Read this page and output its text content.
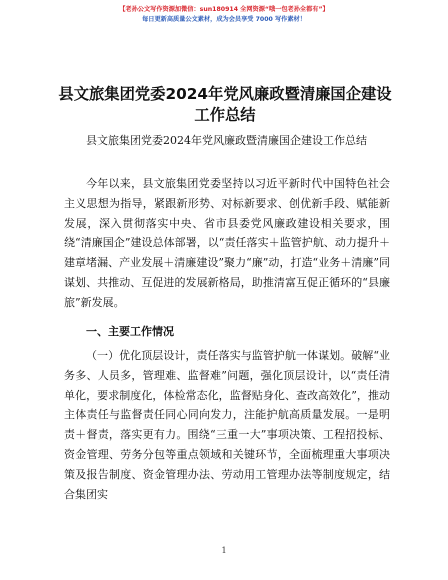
【老孙公文写作资源加微信：sun180914 全网资源“哦一包老孙全都有”】
每日更新高质量公文素材，成为会员享受 7000 写作素材！
县文旅集团党委2024年党风廉政暨清廉国企建设工作总结

县文旅集团党委2024年党风廉政暨清廉国企建设工作总结

今年以来，县文旅集团党委坚持以习近平新时代中国特色社会主义思想为指导，紧跟新形势、对标新要求、创优新手段、赋能新发展，深入贯彻落实中央、省市县委党风廉政建设相关要求，围绕“清廉国企”建设总体部署，以“责任落实＋监管护航、动力提升＋建章堵漏、产业发展＋清廉建设”聚力“廉”动，打造“业务＋清廉”同谋划、共推动、互促进的发展新格局，助推清富互促正循环的“县廉旅”新发展。

一、主要工作情况

（一）优化顶层设计，责任落实与监管护航一体谋划。破解“业务多、人员多，管理难、监督难”问题，强化顶层设计，以“责任清单化，要求制度化，体检常态化，监督贴身化、查改高效化”，推动主体责任与监督责任同心同向发力，注能护航高质量发展。一是明责＋督责，落实更有力。围绕“三重一大”事项决策、工程招投标、资金管理、劳务分包等重点领域和关键环节，全面梳理重大事项决策及报告制度、资金管理办法、劳动用工管理办法等制度规定，结合集团实

1
